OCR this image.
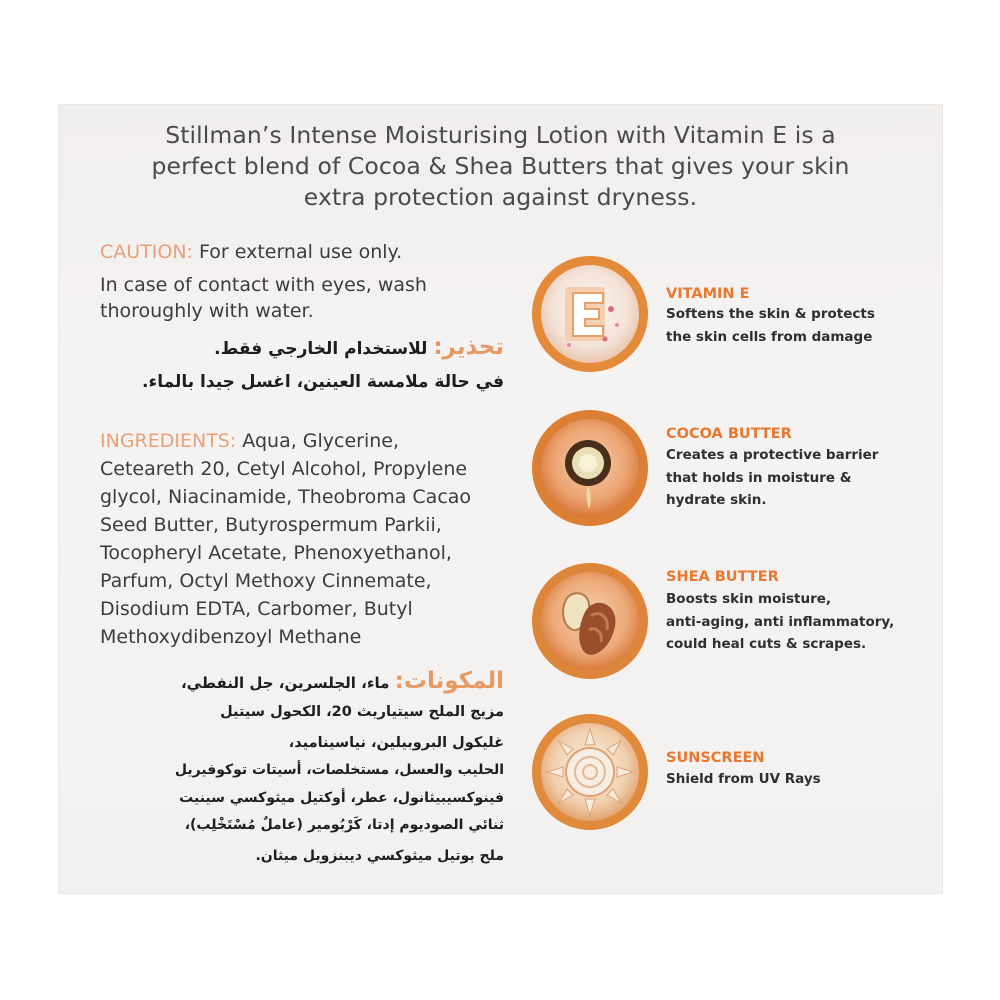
Stillman’s Intense Moisturising Lotion with Vitamin E is a
perfect blend of Cocoa & Shea Butters that gives your skin
extra protection against dryness.
CAUTION: For external use only.
In case of contact with eyes, wash
thoroughly with water.
تحذير: للاستخدام الخارجي فقط.
في حالة ملامسة العينين، اغسل جيدا بالماء.
INGREDIENTS: Aqua, Glycerine,
Ceteareth 20, Cetyl Alcohol, Propylene
glycol, Niacinamide, Theobroma Cacao
Seed Butter, Butyrospermum Parkii,
Tocopheryl Acetate, Phenoxyethanol,
Parfum, Octyl Methoxy Cinnemate,
Disodium EDTA, Carbomer, Butyl
Methoxydibenzoyl Methane
المكونات: ماء، الجلسرين، جل النفطي،
مزيج الملح سيتياريث 20، الكحول سيتيل
غليكول البروبيلين، نياسيناميد،
الحليب والعسل، مستخلصات، أسيتات توكوفيريل
فينوكسيبيثانول، عطر، أوكتيل ميثوكسي سينيت
ثنائي الصوديوم إدتا، كَرْبُومير (عاملٌ مُسْتَخْلِب)،
ملح بوتيل ميثوكسي ديبنزويل ميثان.
VITAMIN E
Softens the skin & protects
the skin cells from damage
COCOA BUTTER
Creates a protective barrier
that holds in moisture &
hydrate skin.
SHEA BUTTER
Boosts skin moisture,
anti-aging, anti inflammatory,
could heal cuts & scrapes.
SUNSCREEN
Shield from UV Rays
